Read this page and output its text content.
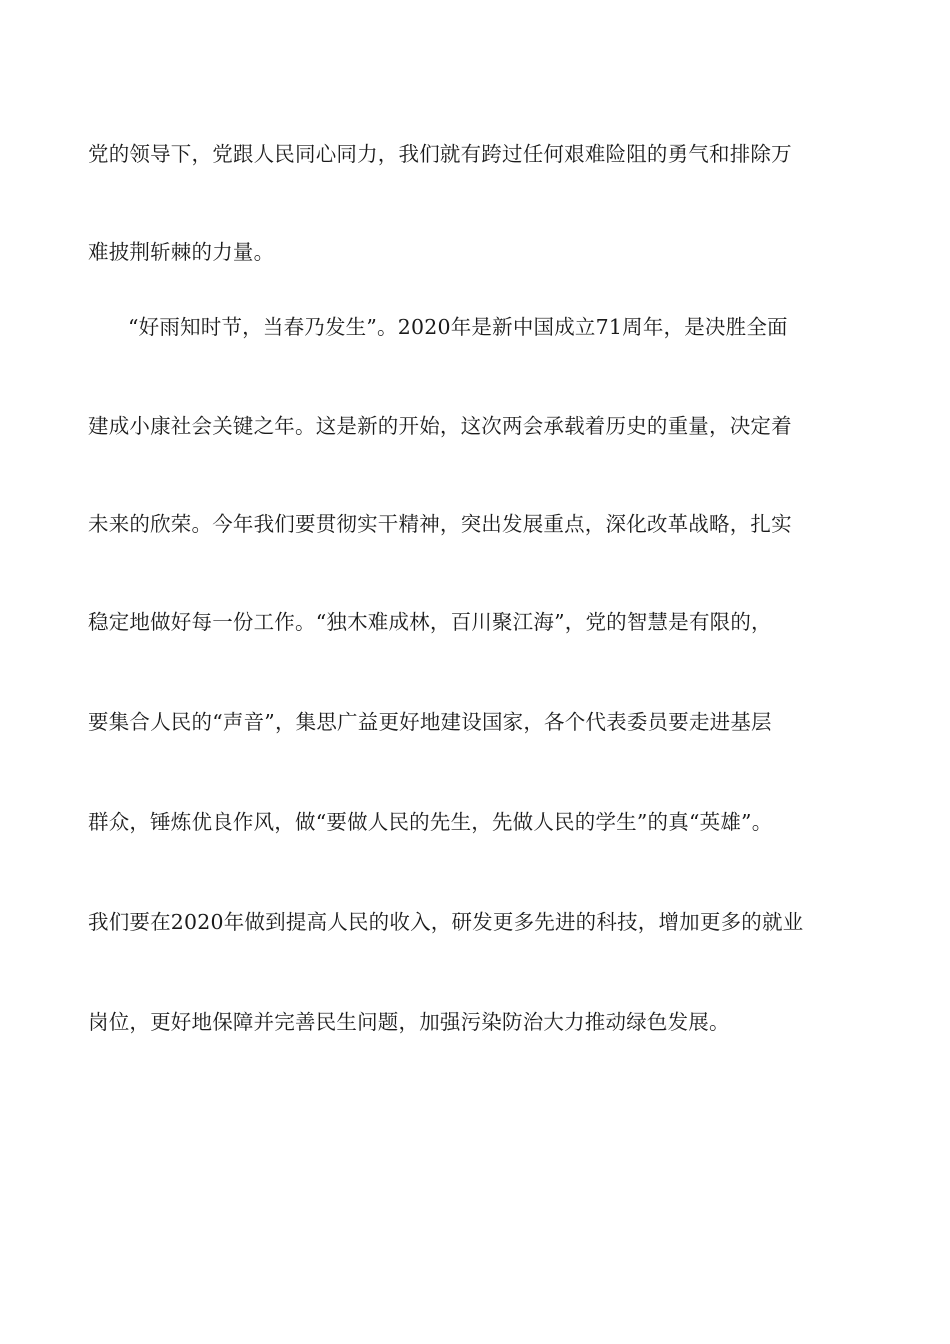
党的领导下，党跟人民同心同力，我们就有跨过任何艰难险阻的勇气和排除万
难披荆斩棘的力量。
“好雨知时节，当春乃发生”。2020年是新中国成立71周年，是决胜全面
建成小康社会关键之年。这是新的开始，这次两会承载着历史的重量，决定着
未来的欣荣。今年我们要贯彻实干精神，突出发展重点，深化改革战略，扎实
稳定地做好每一份工作。“独木难成林，百川聚江海”，党的智慧是有限的，
要集合人民的“声音”，集思广益更好地建设国家，各个代表委员要走进基层
群众，锤炼优良作风，做“要做人民的先生，先做人民的学生”的真“英雄”。
我们要在2020年做到提高人民的收入，研发更多先进的科技，增加更多的就业
岗位，更好地保障并完善民生问题，加强污染防治大力推动绿色发展。
